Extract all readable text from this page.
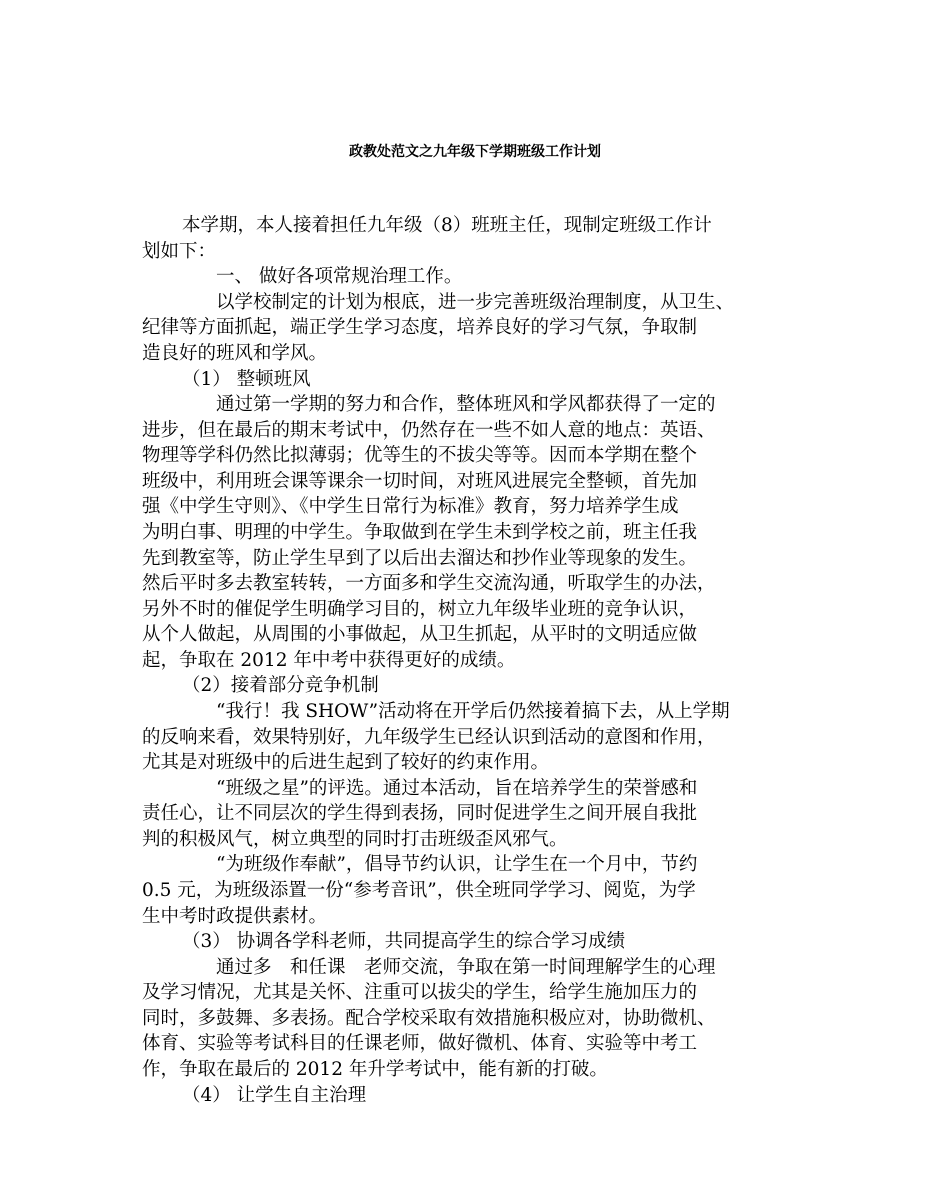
政教处范文之九年级下学期班级工作计划

本学期，本人接着担任九年级（8）班班主任，现制定班级工作计

划如下：

一、 做好各项常规治理工作。

以学校制定的计划为根底，进一步完善班级治理制度，从卫生、

纪律等方面抓起，端正学生学习态度，培养良好的学习气氛，争取制

造良好的班风和学风。

（1） 整顿班风

通过第一学期的努力和合作，整体班风和学风都获得了一定的

进步，但在最后的期末考试中，仍然存在一些不如人意的地点：英语、

物理等学科仍然比拟薄弱；优等生的不拔尖等等。因而本学期在整个

班级中，利用班会课等课余一切时间，对班风进展完全整顿，首先加

强《中学生守则》、《中学生日常行为标准》教育，努力培养学生成

为明白事、明理的中学生。争取做到在学生未到学校之前，班主任我

先到教室等，防止学生早到了以后出去溜达和抄作业等现象的发生。

然后平时多去教室转转，一方面多和学生交流沟通，听取学生的办法，

另外不时的催促学生明确学习目的，树立九年级毕业班的竞争认识，

从个人做起，从周围的小事做起，从卫生抓起，从平时的文明适应做

起，争取在 2012 年中考中获得更好的成绩。

（2）接着部分竞争机制

“我行！我 SHOW”活动将在开学后仍然接着搞下去，从上学期

的反响来看，效果特别好，九年级学生已经认识到活动的意图和作用，

尤其是对班级中的后进生起到了较好的约束作用。

“班级之星”的评选。通过本活动，旨在培养学生的荣誉感和

责任心，让不同层次的学生得到表扬，同时促进学生之间开展自我批

判的积极风气，树立典型的同时打击班级歪风邪气。

“为班级作奉献”，倡导节约认识，让学生在一个月中，节约

0.5 元，为班级添置一份“参考音讯”，供全班同学学习、阅览，为学

生中考时政提供素材。

（3） 协调各学科老师，共同提高学生的综合学习成绩

通过多　和任课　老师交流，争取在第一时间理解学生的心理

及学习情况，尤其是关怀、注重可以拔尖的学生，给学生施加压力的

同时，多鼓舞、多表扬。配合学校采取有效措施积极应对，协助微机、

体育、实验等考试科目的任课老师，做好微机、体育、实验等中考工

作，争取在最后的 2012 年升学考试中，能有新的打破。

（4） 让学生自主治理
